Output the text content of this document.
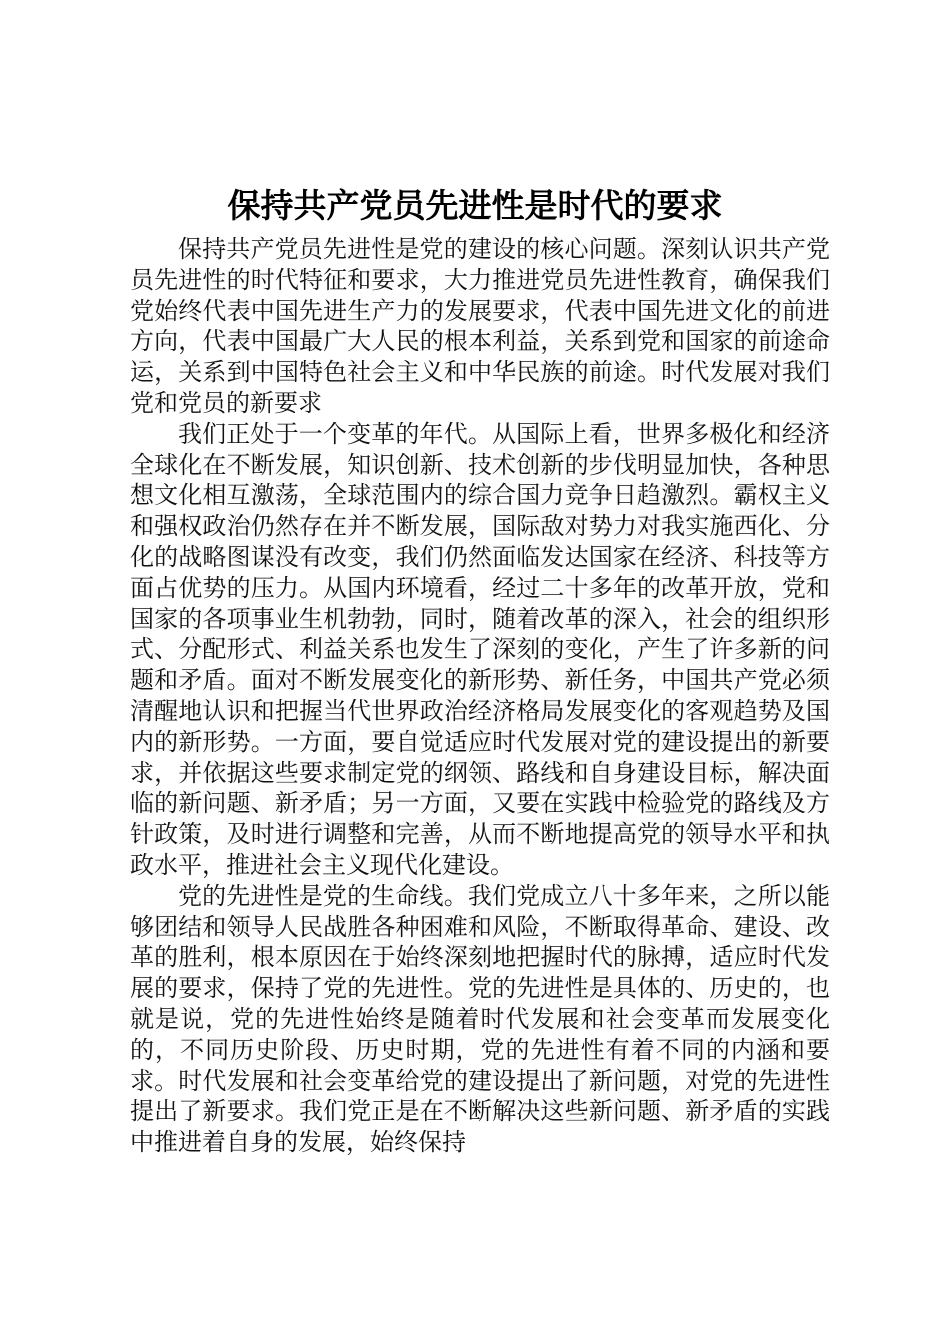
保持共产党员先进性是时代的要求

保持共产党员先进性是党的建设的核心问题。深刻认识共产党员先进性的时代特征和要求，大力推进党员先进性教育，确保我们党始终代表中国先进生产力的发展要求，代表中国先进文化的前进方向，代表中国最广大人民的根本利益，关系到党和国家的前途命运，关系到中国特色社会主义和中华民族的前途。时代发展对我们党和党员的新要求

我们正处于一个变革的年代。从国际上看，世界多极化和经济全球化在不断发展，知识创新、技术创新的步伐明显加快，各种思想文化相互激荡，全球范围内的综合国力竞争日趋激烈。霸权主义和强权政治仍然存在并不断发展，国际敌对势力对我实施西化、分化的战略图谋没有改变，我们仍然面临发达国家在经济、科技等方面占优势的压力。从国内环境看，经过二十多年的改革开放，党和国家的各项事业生机勃勃，同时，随着改革的深入，社会的组织形式、分配形式、利益关系也发生了深刻的变化，产生了许多新的问题和矛盾。面对不断发展变化的新形势、新任务，中国共产党必须清醒地认识和把握当代世界政治经济格局发展变化的客观趋势及国内的新形势。一方面，要自觉适应时代发展对党的建设提出的新要求，并依据这些要求制定党的纲领、路线和自身建设目标，解决面临的新问题、新矛盾；另一方面，又要在实践中检验党的路线及方针政策，及时进行调整和完善，从而不断地提高党的领导水平和执政水平，推进社会主义现代化建设。

党的先进性是党的生命线。我们党成立八十多年来，之所以能够团结和领导人民战胜各种困难和风险，不断取得革命、建设、改革的胜利，根本原因在于始终深刻地把握时代的脉搏，适应时代发展的要求，保持了党的先进性。党的先进性是具体的、历史的，也就是说，党的先进性始终是随着时代发展和社会变革而发展变化的，不同历史阶段、历史时期，党的先进性有着不同的内涵和要求。时代发展和社会变革给党的建设提出了新问题，对党的先进性提出了新要求。我们党正是在不断解决这些新问题、新矛盾的实践中推进着自身的发展，始终保持
